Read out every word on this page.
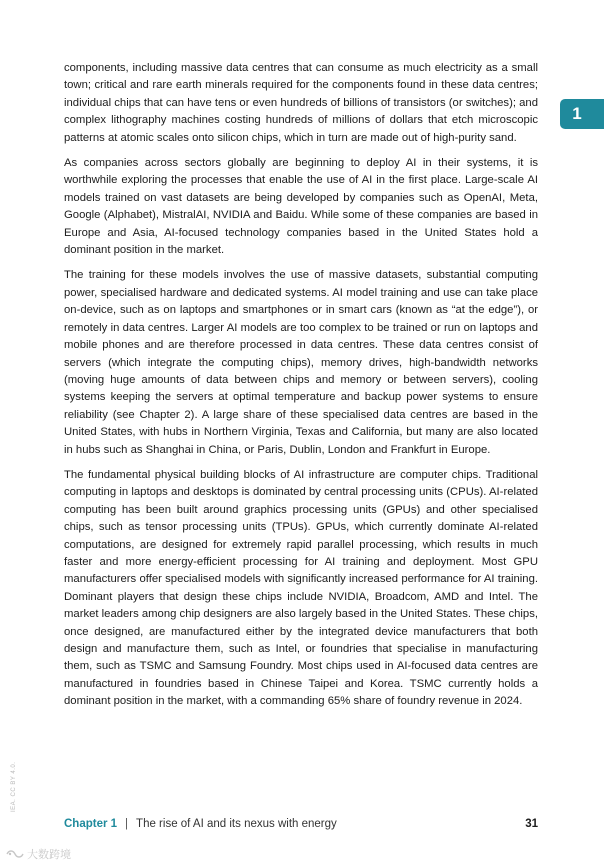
1

components, including massive data centres that can consume as much electricity as a small town; critical and rare earth minerals required for the components found in these data centres; individual chips that can have tens or even hundreds of billions of transistors (or switches); and complex lithography machines costing hundreds of millions of dollars that etch microscopic patterns at atomic scales onto silicon chips, which in turn are made out of high-purity sand.

As companies across sectors globally are beginning to deploy AI in their systems, it is worthwhile exploring the processes that enable the use of AI in the first place. Large-scale AI models trained on vast datasets are being developed by companies such as OpenAI, Meta, Google (Alphabet), MistralAI, NVIDIA and Baidu. While some of these companies are based in Europe and Asia, AI-focused technology companies based in the United States hold a dominant position in the market.

The training for these models involves the use of massive datasets, substantial computing power, specialised hardware and dedicated systems. AI model training and use can take place on-device, such as on laptops and smartphones or in smart cars (known as “at the edge”), or remotely in data centres. Larger AI models are too complex to be trained or run on laptops and mobile phones and are therefore processed in data centres. These data centres consist of servers (which integrate the computing chips), memory drives, high-bandwidth networks (moving huge amounts of data between chips and memory or between servers), cooling systems keeping the servers at optimal temperature and backup power systems to ensure reliability (see Chapter 2). A large share of these specialised data centres are based in the United States, with hubs in Northern Virginia, Texas and California, but many are also located in hubs such as Shanghai in China, or Paris, Dublin, London and Frankfurt in Europe.

The fundamental physical building blocks of AI infrastructure are computer chips. Traditional computing in laptops and desktops is dominated by central processing units (CPUs). AI-related computing has been built around graphics processing units (GPUs) and other specialised chips, such as tensor processing units (TPUs). GPUs, which currently dominate AI-related computations, are designed for extremely rapid parallel processing, which results in much faster and more energy-efficient processing for AI training and deployment. Most GPU manufacturers offer specialised models with significantly increased performance for AI training. Dominant players that design these chips include NVIDIA, Broadcom, AMD and Intel. The market leaders among chip designers are also largely based in the United States. These chips, once designed, are manufactured either by the integrated device manufacturers that both design and manufacture them, such as Intel, or foundries that specialise in manufacturing them, such as TSMC and Samsung Foundry. Most chips used in AI-focused data centres are manufactured in foundries based in Chinese Taipei and Korea. TSMC currently holds a dominant position in the market, with a commanding 65% share of foundry revenue in 2024.

IEA. CC BY 4.0.
Chapter 1 | The rise of AI and its nexus with energy	31
大数跨境
